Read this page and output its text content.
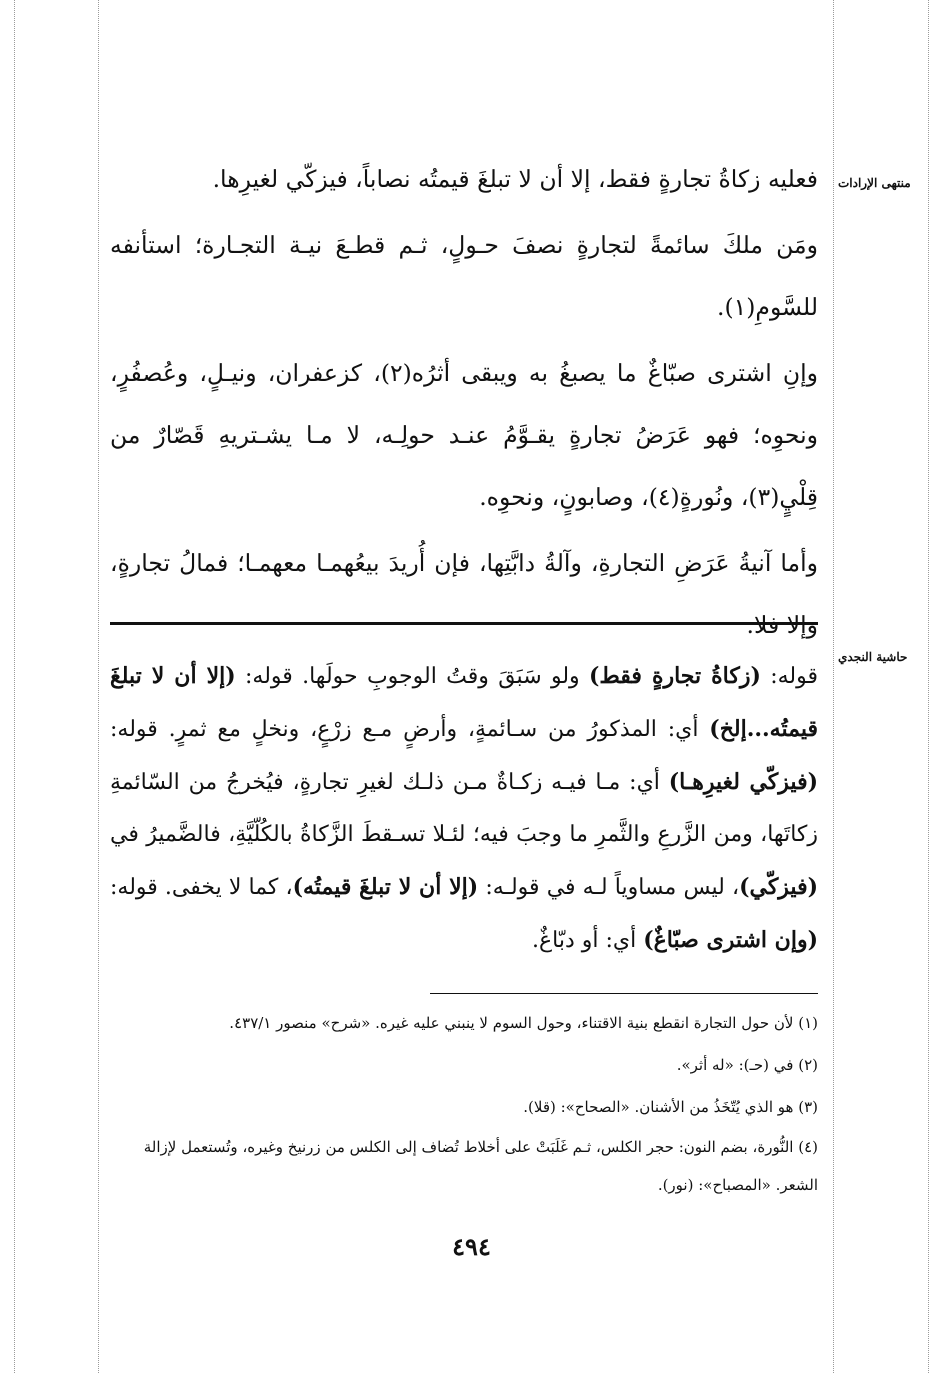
منتهى الإرادات
حاشية النجدي

فعليه زكاةُ تجارةٍ فقط، إلا أن لا تبلغَ قيمتُه نصاباً، فيزكّي لغيرِها.

ومَن ملكَ سائمةً لتجارةٍ نصفَ حـولٍ، ثـم قطـعَ نيـة التجـارة؛ استأنفه للسَّومِ(١).

وإنِ اشترى صبّاغٌ ما يصبغُ به ويبقى أثرُه(٢)، كزعفران، ونيـلٍ، وعُصفُرٍ، ونحوِه؛ فهو عَرَضُ تجارةٍ يقـوَّمُ عنـد حولِـه، لا مـا يشـتريهِ قَصّارٌ من قِلْيٍ(٣)، ونُورةٍ(٤)، وصابونٍ، ونحوِه.

وأما آنيةُ عَرَضِ التجارةِ، وآلةُ دابَّتِها، فإن أُريدَ بيعُهمـا معهمـا؛ فمالُ تجارةٍ، وإلا فلا.

قوله: (زكاةُ تجارةٍ فقط) ولو سَبَقَ وقتُ الوجوبِ حولَها. قوله: (إلا أن لا تبلغَ قيمتُه...إلخ) أي: المذكورُ من سـائمةٍ، وأرضٍ مـع زرْعٍ، ونخلٍ مع ثمرٍ. قوله: (فيزكّي لغيرِهـا) أي: مـا فيـه زكـاةٌ مـن ذلـك لغيرِ تجارةٍ، فيُخرجُ من السّائمةِ زكاتَها، ومن الزَّرعِ والثَّمرِ ما وجبَ فيه؛ لئـلا تسـقطَ الزَّكاةُ بالكُلّيَّةِ، فالضَّميرُ في (فيزكّي)، ليس مساوياً لـه في قولـه: (إلا أن لا تبلغَ قيمتُه)، كما لا يخفى. قوله: (وإن اشترى صبّاغٌ) أي: أو دبّاغٌ.

(١) لأن حول التجارة انقطع بنية الاقتناء، وحول السوم لا ينبني عليه غيره. «شرح» منصور ٤٣٧/١.

(٢) في (حـ): «له أثر».

(٣) هو الذي يُتّخَذُ من الأشنان. «الصحاح»: (قلا).

(٤) النُّورة، بضم النون: حجر الكلس، ثـم غَلَبَتْ على أخلاط تُضاف إلى الكلس من زرنيخ وغيره، وتُستعمل لإزالة الشعر. «المصباح»: (نور).

٤٩٤
